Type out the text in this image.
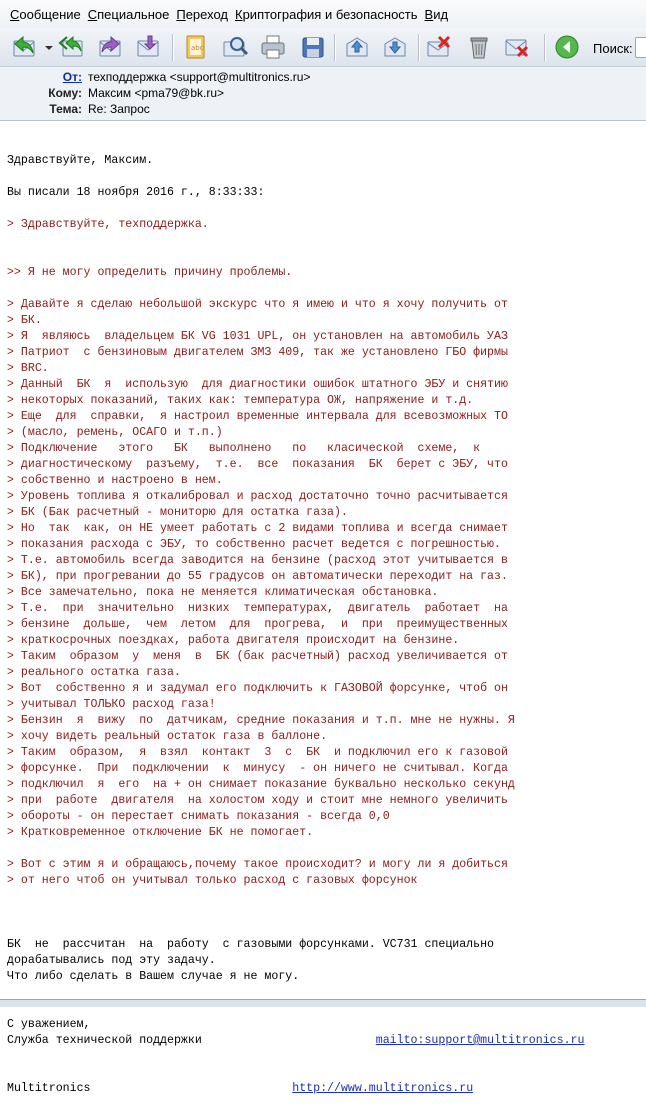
Сообщение Специальное Переход Криптография и безопасность Вид
abc	Поиск:
От: техподдержка <support@multitronics.ru>
Кому: Максим <pma79@bk.ru>
Тема: Re: Запрос

Здравствуйте, Максим.
Вы писали 18 ноября 2016 г., 8:33:33:
> Здравствуйте, техподдержка.
>> Я не могу определить причину проблемы.
> Давайте я сделаю небольшой экскурс что я имею и что я хочу получить от
> БК.
> Я  являюсь  владельцем БК VG 1031 UPL, он установлен на автомобиль УАЗ
> Патриот  с бензиновым двигателем ЗМЗ 409, так же установлено ГБО фирмы
> BRC.
> Данный  БК  я  использую  для диагностики ошибок штатного ЭБУ и снятию
> некоторых показаний, таких как: температура ОЖ, напряжение и т.д.
> Еще  для  справки,  я настроил временные интервала для всевозможных ТО
> (масло, ремень, ОСАГО и т.п.)
> Подключение   этого   БК   выполнено   по   класической  схеме,  к
> диагностическому  разъему,  т.е.  все  показания  БК  берет с ЭБУ, что
> собственно и настроено в нем.
> Уровень топлива я откалибровал и расход достаточно точно расчитывается
> БК (Бак расчетный - мониторю для остатка газа).
> Но  так  как, он НЕ умеет работать с 2 видами топлива и всегда снимает
> показания расхода с ЭБУ, то собственно расчет ведется с погрешностью.
> Т.е. автомобиль всегда заводится на бензине (расход этот учитывается в
> БК), при прогревании до 55 градусов он автоматически переходит на газ.
> Все замечательно, пока не меняется климатическая обстановка.
> Т.е.  при  значительно  низких  температурах,  двигатель  работает  на
> бензине  дольше,  чем  летом  для  прогрева,  и  при  преимущественных
> краткосрочных поездках, работа двигателя происходит на бензине.
> Таким  образом  у  меня  в  БК (бак расчетный) расход увеличивается от
> реального остатка газа.
> Вот  собственно я и задумал его подключить к ГАЗОВОЙ форсунке, чтоб он
> учитывал ТОЛЬКО расход газа!
> Бензин  я  вижу  по  датчикам, средние показания и т.п. мне не нужны. Я
> хочу видеть реальный остаток газа в баллоне.
> Таким  образом,  я  взял  контакт  3  с  БК  и подключил его к газовой
> форсунке.  При  подключении  к  минусу  - он ничего не считывал. Когда
> подключил  я  его  на + он снимает показание буквально несколько секунд
> при  работе  двигателя  на холостом ходу и стоит мне немного увеличить
> обороты - он перестает снимать показания - всегда 0,0
> Кратковременное отключение БК не помогает.
> Вот с этим я и обращаюсь,почему такое происходит? и могу ли я добиться
> от него чтоб он учитывал только расход с газовых форсунок
БК  не  рассчитан  на  работу  с газовыми форсунками. VC731 специально
дорабатывались под эту задачу.
Что либо сделать в Вашем случае я не могу.
С уважением,
Служба технической поддержки	mailto:support@multitronics.ru

Multitronics	http://www.multitronics.ru
